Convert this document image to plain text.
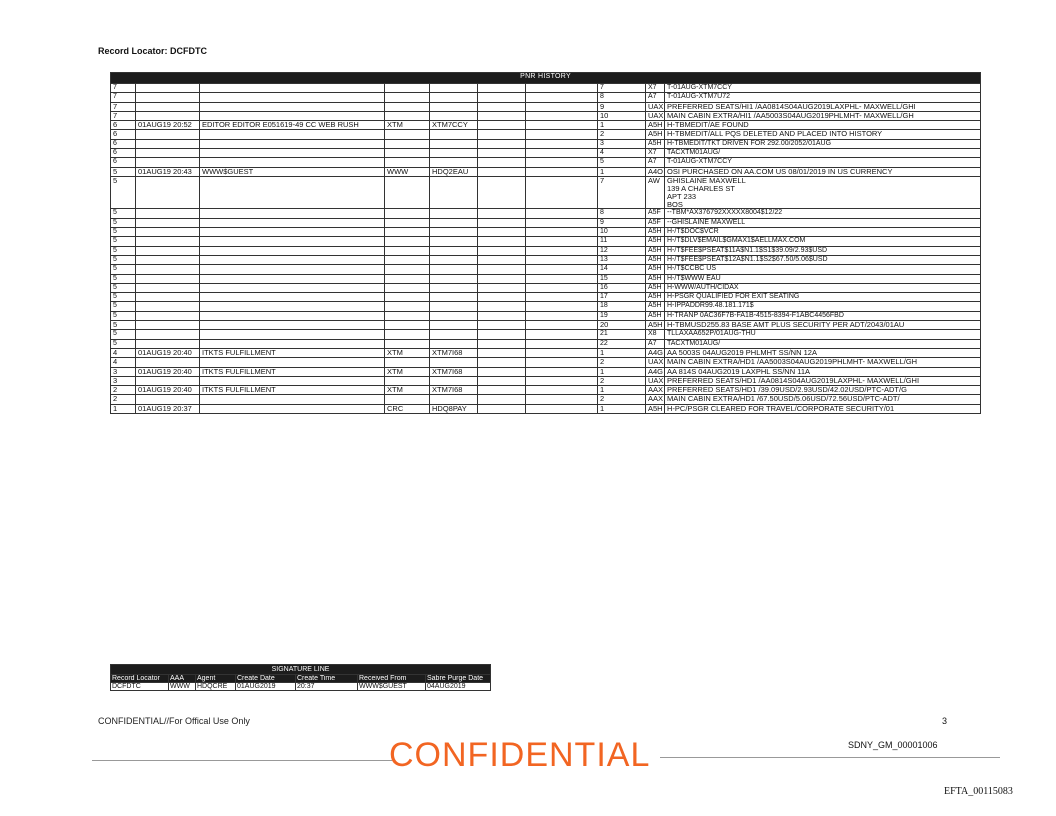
Record Locator: DCFDTC
PNR HISTORY									
7							7	X7	T-01AUG-XTM7CCY
7							8	A7	T-01AUG-XTM7U72
7							9	UAX	PREFERRED SEATS/HI1 /AA0814S04AUG2019LAXPHL- MAXWELL/GHI
7							10	UAX	MAIN CABIN EXTRA/HI1 /AA5003S04AUG2019PHLMHT- MAXWELL/GH
6	01AUG19 20:52	EDITOR EDITOR E051619-49 CC WEB RUSH	XTM	XTM7CCY			1	A5H	H-TBMEDIT/AE FOUND
6							2	A5H	H-TBMEDIT/ALL PQS DELETED AND PLACED INTO HISTORY
6							3	A5H	H-TBMEDIT/TKT DRIVEN FOR 292.00/2052/01AUG
6							4	X7	TACXTM01AUG/
6							5	A7	T-01AUG-XTM7CCY
5	01AUG19 20:43	WWW$GUEST	WWW	HDQ2EAU			1	A4O	OSI PURCHASED ON AA.COM US 08/01/2019 IN US CURRENCY
5							7	AW	GHISLAINE MAXWELL
139 A CHARLES ST
APT 233
BOS
5							8	A5F	--TBM*AX376792XXXXX8004$12/22
5							9	A5F	--GHISLAINE MAXWELL
5							10	A5H	H-/T$DOC$VCR
5							11	A5H	H-/T$DLV$EMAIL$GMAX1$AELLMAX.COM
5							12	A5H	H-/T$FEE$PSEAT$11A$N1.1$S1$39.09/2.93$USD
5							13	A5H	H-/T$FEE$PSEAT$12A$N1.1$S2$67.50/5.06$USD
5							14	A5H	H-/T$CCBC US
5							15	A5H	H-/T$WWW EAU
5							16	A5H	H-WWW/AUTH/CIDAX
5							17	A5H	H-PSGR QUALIFIED FOR EXIT SEATING
5							18	A5H	H-IPPADDR99.48.181.171$
5							19	A5H	H-TRANP 0AC36F7B-FA1B-4515-8394-F1ABC4456FBD
5							20	A5H	H-TBMUSD255.83 BASE AMT PLUS SECURITY PER ADT/2043/01AU
5							21	X8	TLLAXAA652P/01AUG-THU
5							22	A7	TACXTM01AUG/
4	01AUG19 20:40	ITKTS FULFILLMENT	XTM	XTM7I68			1	A4G	AA 5003S 04AUG2019 PHLMHT SS/NN 12A
4							2	UAX	MAIN CABIN EXTRA/HD1 /AA5003S04AUG2019PHLMHT- MAXWELL/GH
3	01AUG19 20:40	ITKTS FULFILLMENT	XTM	XTM7I68			1	A4G	AA 814S 04AUG2019 LAXPHL SS/NN 11A
3							2	UAX	PREFERRED SEATS/HD1 /AA0814S04AUG2019LAXPHL- MAXWELL/GHI
2	01AUG19 20:40	ITKTS FULFILLMENT	XTM	XTM7I68			1	AAX	PREFERRED SEATS/HD1 /39.09USD/2.93USD/42.02USD/PTC-ADT/G
2							2	AAX	MAIN CABIN EXTRA/HD1 /67.50USD/5.06USD/72.56USD/PTC-ADT/
1	01AUG19 20:37		CRC	HDQ8PAY			1	A5H	H-PC/PSGR CLEARED FOR TRAVEL/CORPORATE SECURITY/01
SIGNATURE LINE						
Record Locator	AAA	Agent	Create Date	Create Time	Received From	Sabre Purge Date
DCFDTC	WWW	HDQCRE	01AUG2019	20:37	WWW$GUEST	04AUG2019
CONFIDENTIAL//For Offical Use Only	3
SDNY_GM_00001006
CONFIDENTIAL
EFTA_00115083
